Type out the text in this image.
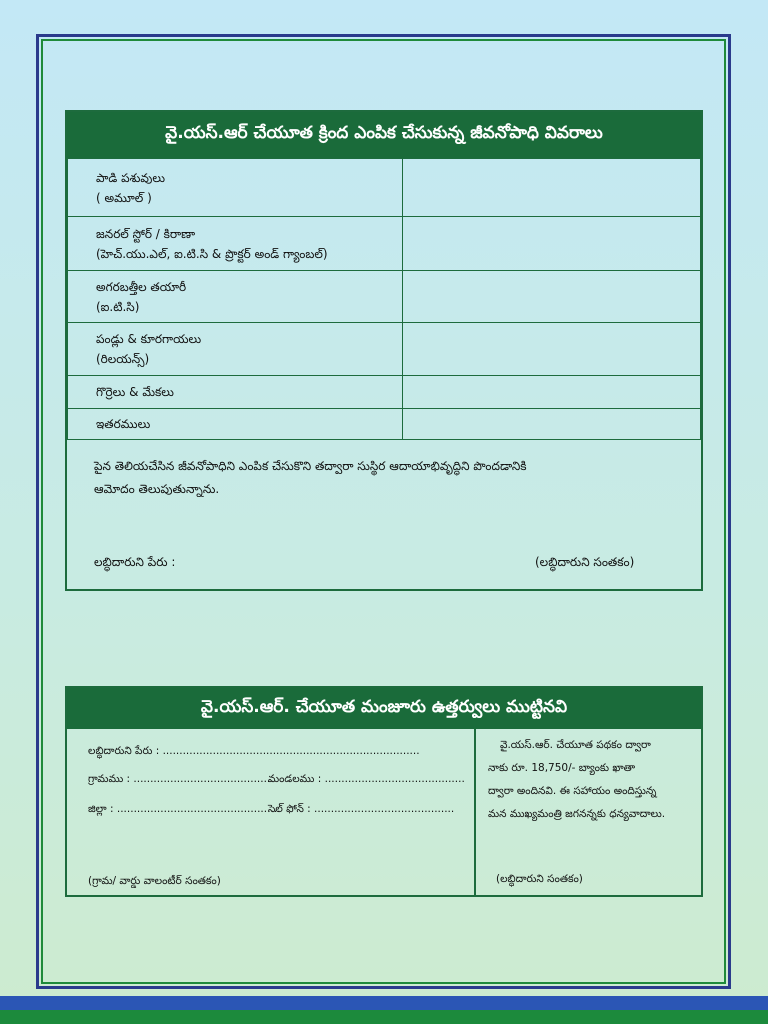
వై.యస్.ఆర్ చేయూత క్రింద ఎంపిక చేసుకున్న జీవనోపాధి వివరాలు
పాడి పశువులు
( అమూల్ )	

జనరల్ స్టోర్ / కిరాణా
(హెచ్.యు.ఎల్, ఐ.టి.సి & ప్రొక్టర్ అండ్ గ్యాంబల్)	

అగరబత్తీల తయారీ
(ఐ.టి.సి)	

పండ్లు & కూరగాయలు
(రిలయన్స్)	

గొర్రెలు & మేకలు	

ఇతరములు	

పైన తెలియచేసిన జీవనోపాధిని ఎంపిక చేసుకొని తద్వారా సుస్థిర ఆదాయాభివృద్ధిని పొందడానికి
ఆమోదం తెలుపుతున్నాను.
లబ్ధిదారుని పేరు :	(లబ్ధిదారుని సంతకం)
వై.యస్.ఆర్. చేయూత మంజూరు ఉత్తర్వులు ముట్టినవి
లబ్ధిదారుని పేరు : .............................................................................
గ్రామము : ..........................................
మండలము : ..........................................
జిల్లా : .................................................
సెల్ ఫోన్ : ..........................................
(గ్రామ/ వార్డు వాలంటీర్ సంతకం)
వై.యస్.ఆర్. చేయూత పథకం ద్వారా
నాకు రూ. 18,750/- బ్యాంకు ఖాతా
ద్వారా అందినవి. ఈ సహాయం అందిస్తున్న
మన ముఖ్యమంత్రి జగనన్నకు ధన్యవాదాలు.
(లబ్ధిదారుని సంతకం)
